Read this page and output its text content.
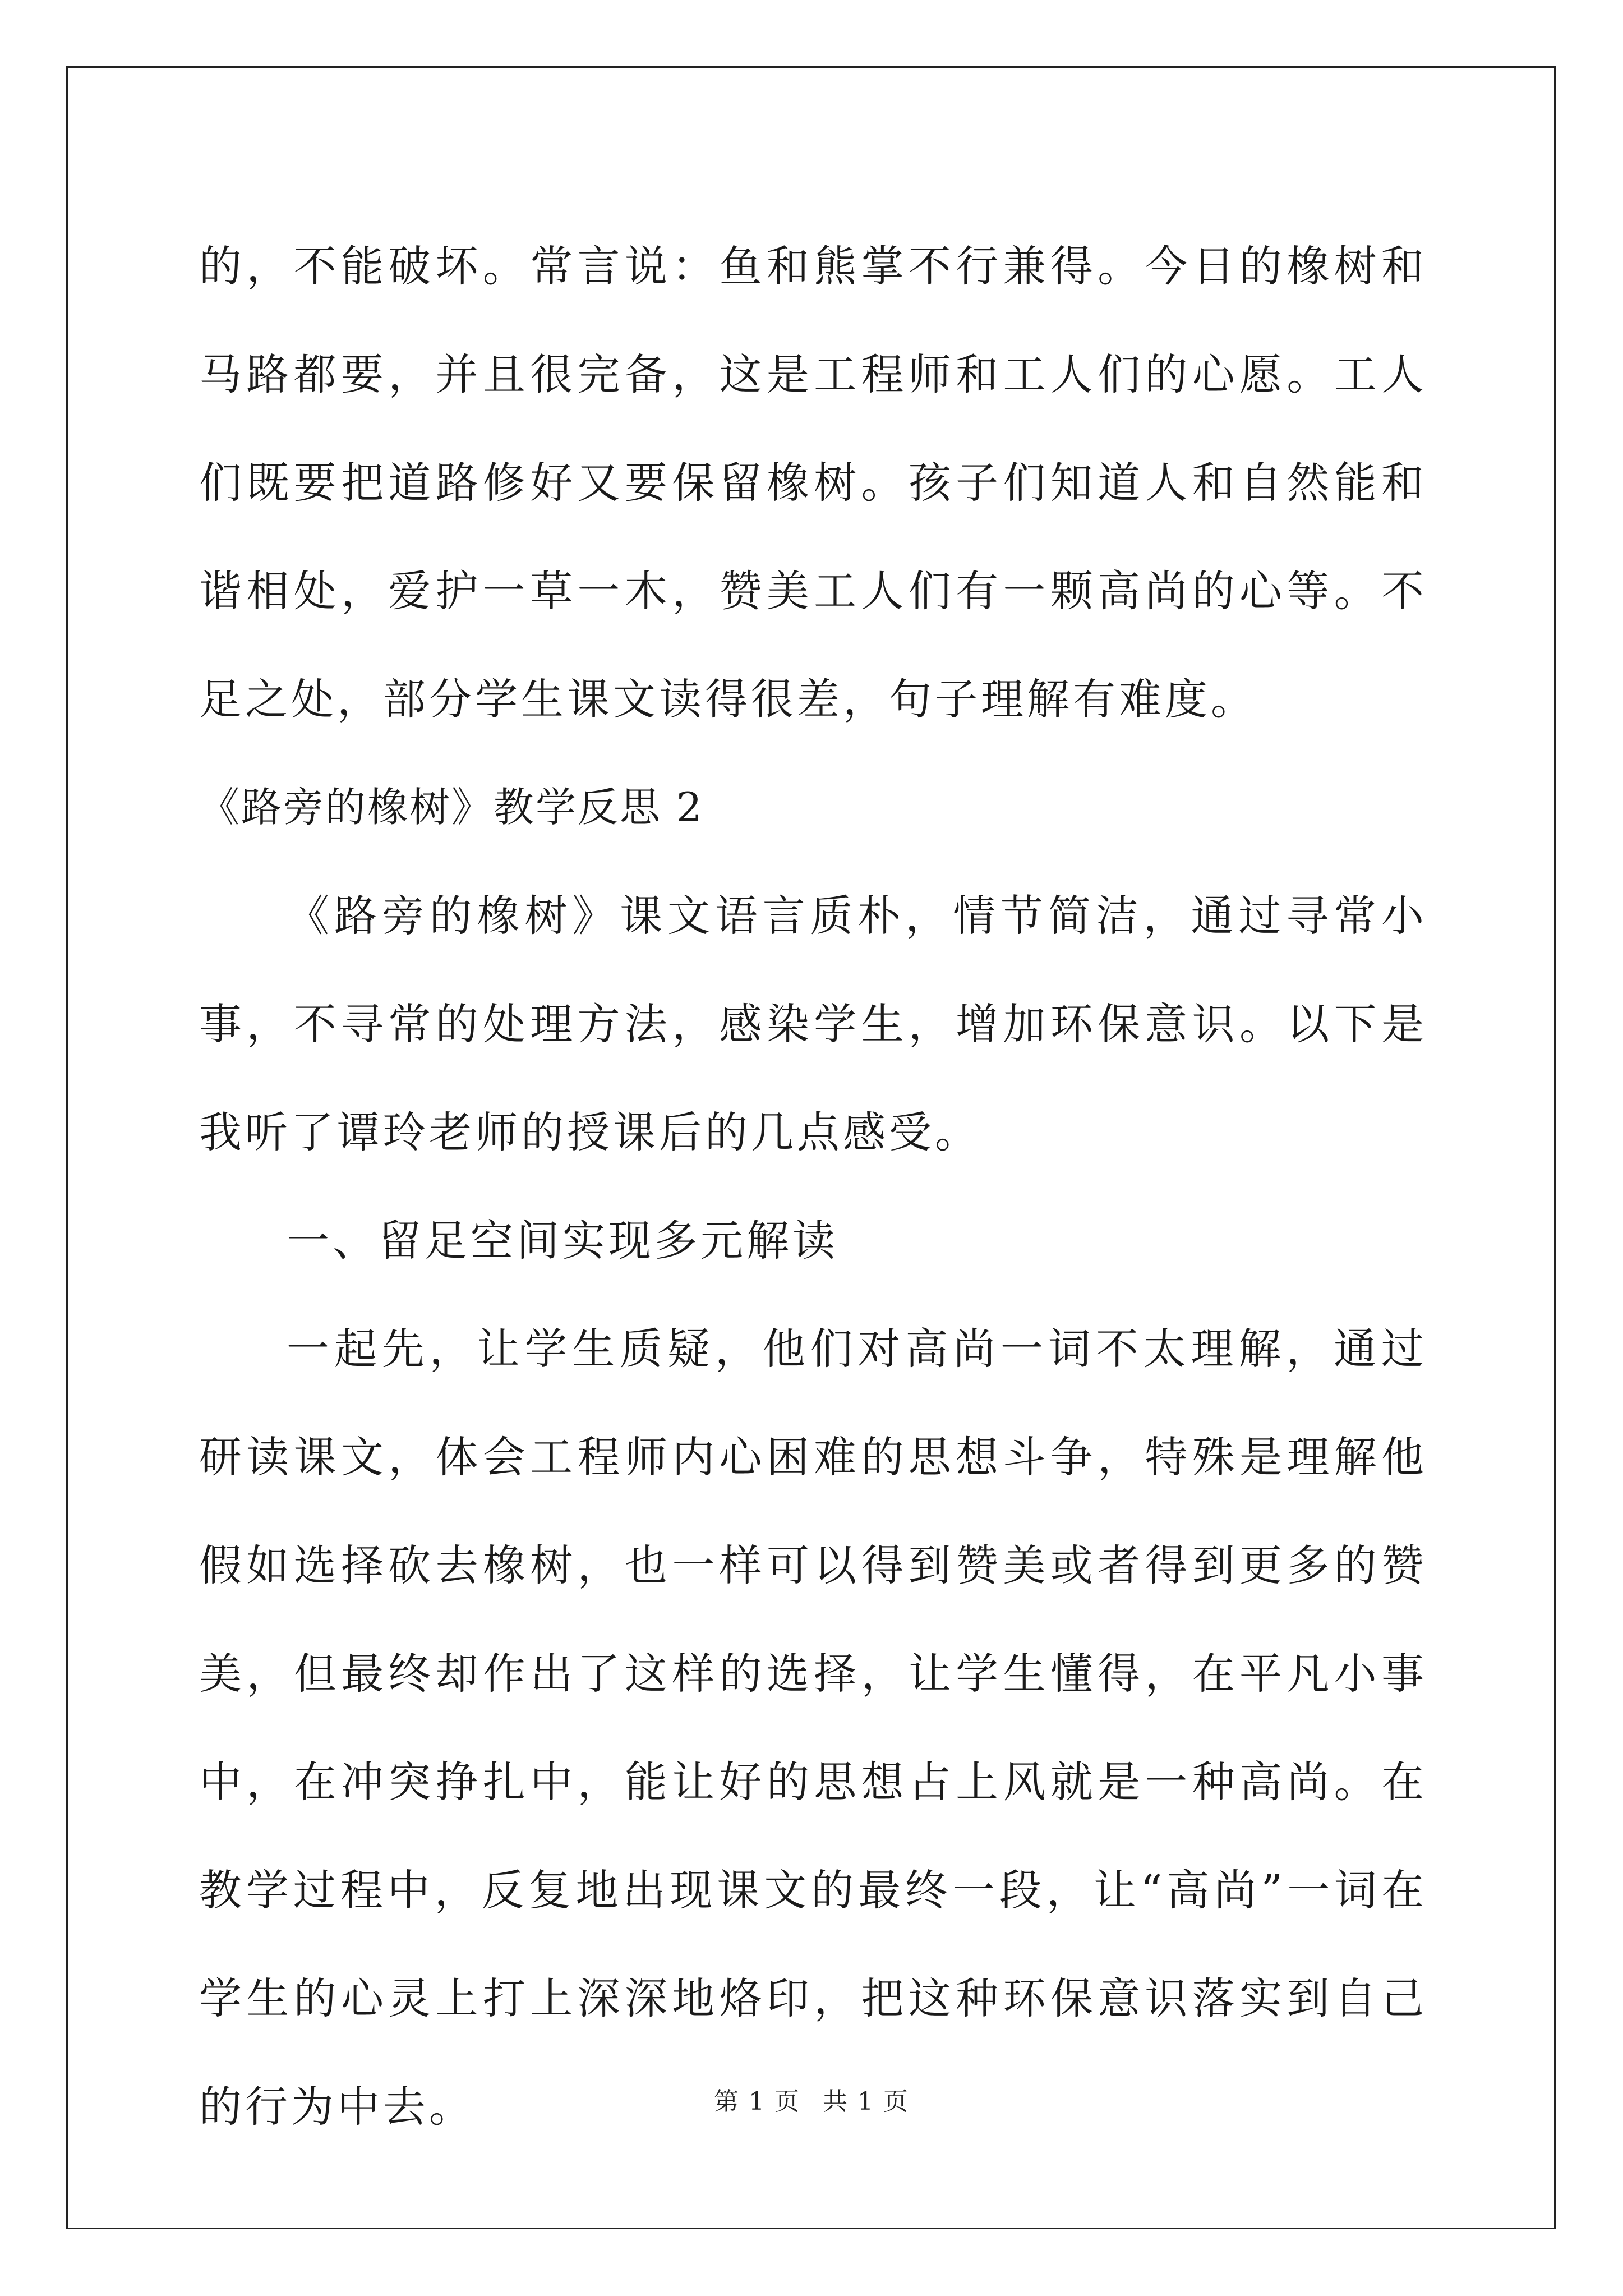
的，不能破坏。常言说：鱼和熊掌不行兼得。今日的橡树和马路都要，并且很完备，这是工程师和工人们的心愿。工人们既要把道路修好又要保留橡树。孩子们知道人和自然能和谐相处，爱护一草一木，赞美工人们有一颗高尚的心等。不足之处，部分学生课文读得很差，句子理解有难度。

《路旁的橡树》教学反思 2

《路旁的橡树》课文语言质朴，情节简洁，通过寻常小事，不寻常的处理方法，感染学生，增加环保意识。以下是我听了谭玲老师的授课后的几点感受。

一、留足空间实现多元解读

一起先，让学生质疑，他们对高尚一词不太理解，通过研读课文，体会工程师内心困难的思想斗争，特殊是理解他假如选择砍去橡树，也一样可以得到赞美或者得到更多的赞美，但最终却作出了这样的选择，让学生懂得，在平凡小事中，在冲突挣扎中，能让好的思想占上风就是一种高尚。在教学过程中，反复地出现课文的最终一段，让“高尚”一词在学生的心灵上打上深深地烙印，把这种环保意识落实到自己的行为中去。	第 1 页 共 1 页
